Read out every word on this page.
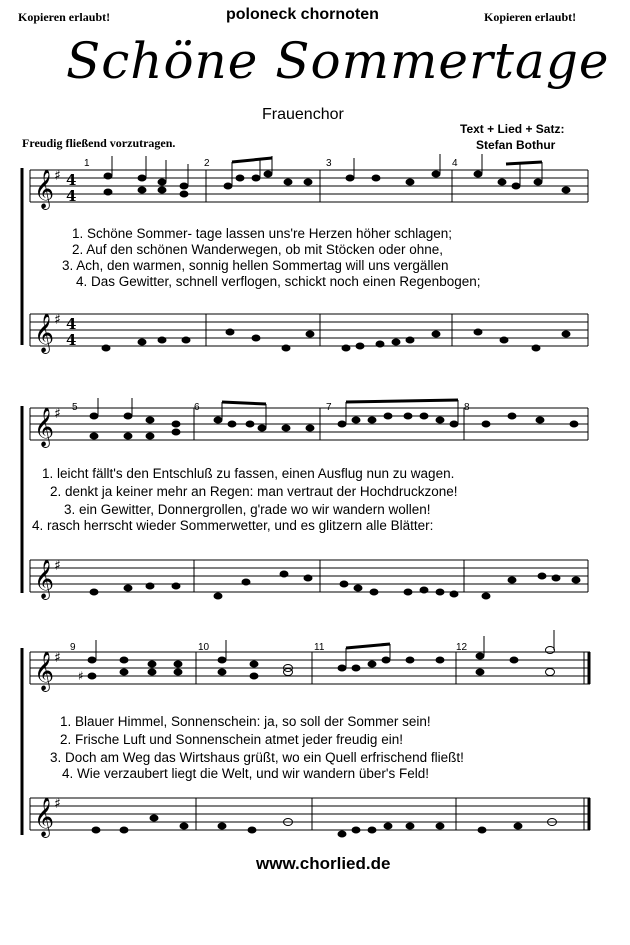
Kopieren erlaubt!	poloneck chornoten	Kopieren erlaubt!
Schöne Sommertage
Frauenchor
Text + Lied + Satz:
Stefan Bothur
Freudig fließend vorzutragen.
𝄞
𝄞
♯
♯
4
4
4
4
1	2	3	4
1. Schöne Sommer- tage lassen uns're Herzen höher schlagen;
2. Auf den schönen Wanderwegen, ob mit Stöcken oder ohne,
3. Ach, den warmen, sonnig hellen Sommertag will uns vergällen
4. Das Gewitter, schnell verflogen, schickt noch einen Regenbogen;
𝄞
𝄞
♯
♯
5	6	7	8
1. leicht fällt's den Entschluß zu fassen, einen Ausflug nun zu wagen.
2. denkt ja keiner mehr an Regen: man vertraut der Hochdruckzone!
3. ein Gewitter, Donnergrollen, g'rade wo wir wandern wollen!
4. rasch herrscht wieder Sommerwetter, und es glitzern alle Blätter:
𝄞
𝄞
♯
♯
9	10	11	12
♯
1. Blauer Himmel, Sonnenschein: ja, so soll der Sommer sein!
2. Frische Luft und Sonnenschein atmet jeder freudig ein!
3. Doch am Weg das Wirtshaus grüßt, wo ein Quell erfrischend fließt!
4. Wie verzaubert liegt die Welt, und wir wandern über's Feld!
www.chorlied.de
